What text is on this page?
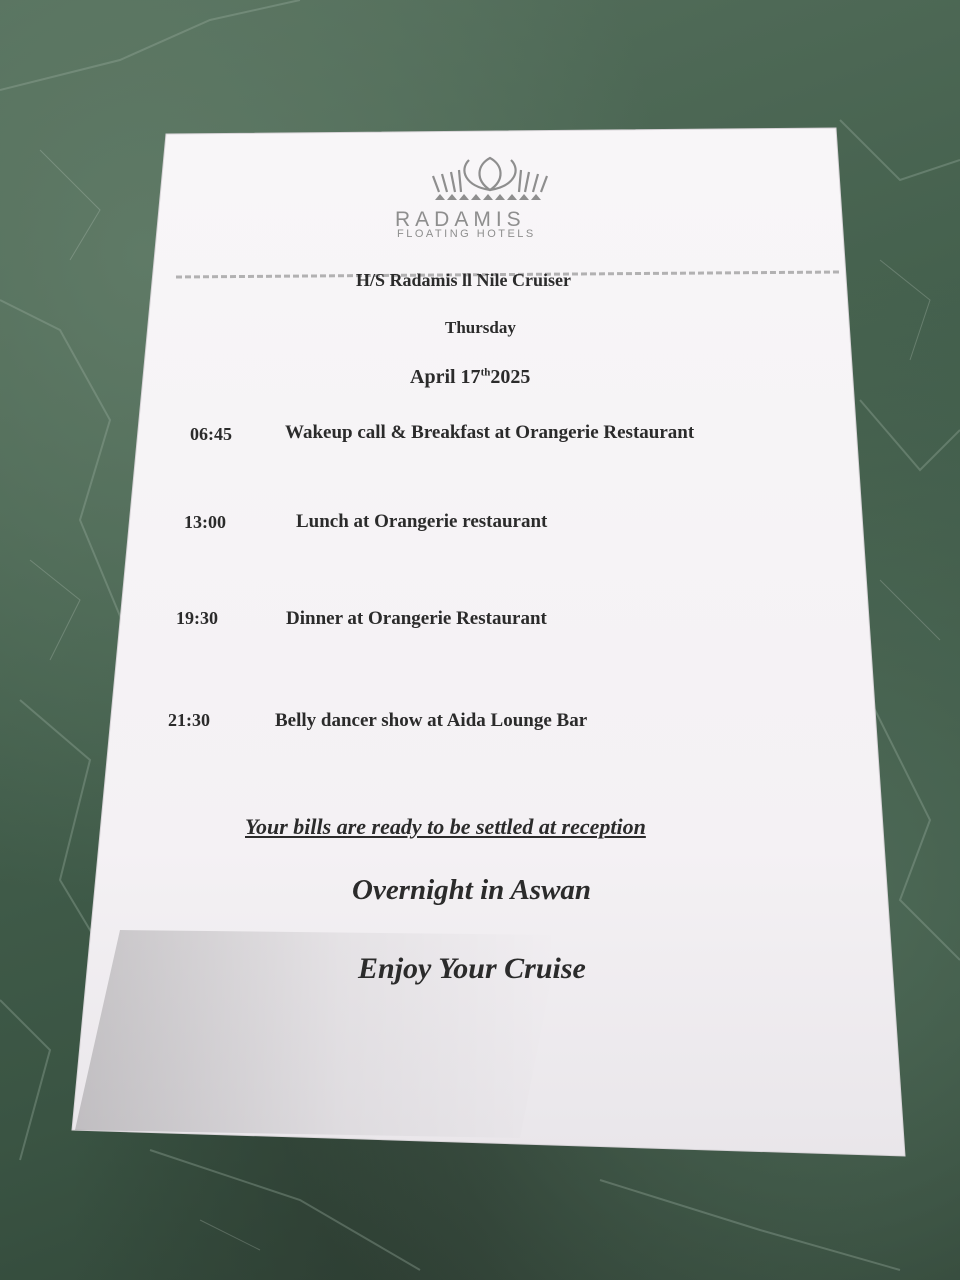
RADAMIS
FLOATING HOTELS
H/S Radamis ll Nile Cruiser
Thursday
April 17th2025
06:45	Wakeup call & Breakfast at Orangerie Restaurant
13:00	Lunch at Orangerie restaurant
19:30	Dinner at Orangerie Restaurant
21:30	Belly dancer show at Aida Lounge Bar
Your bills are ready to be settled at reception
Overnight in Aswan
Enjoy Your Cruise
